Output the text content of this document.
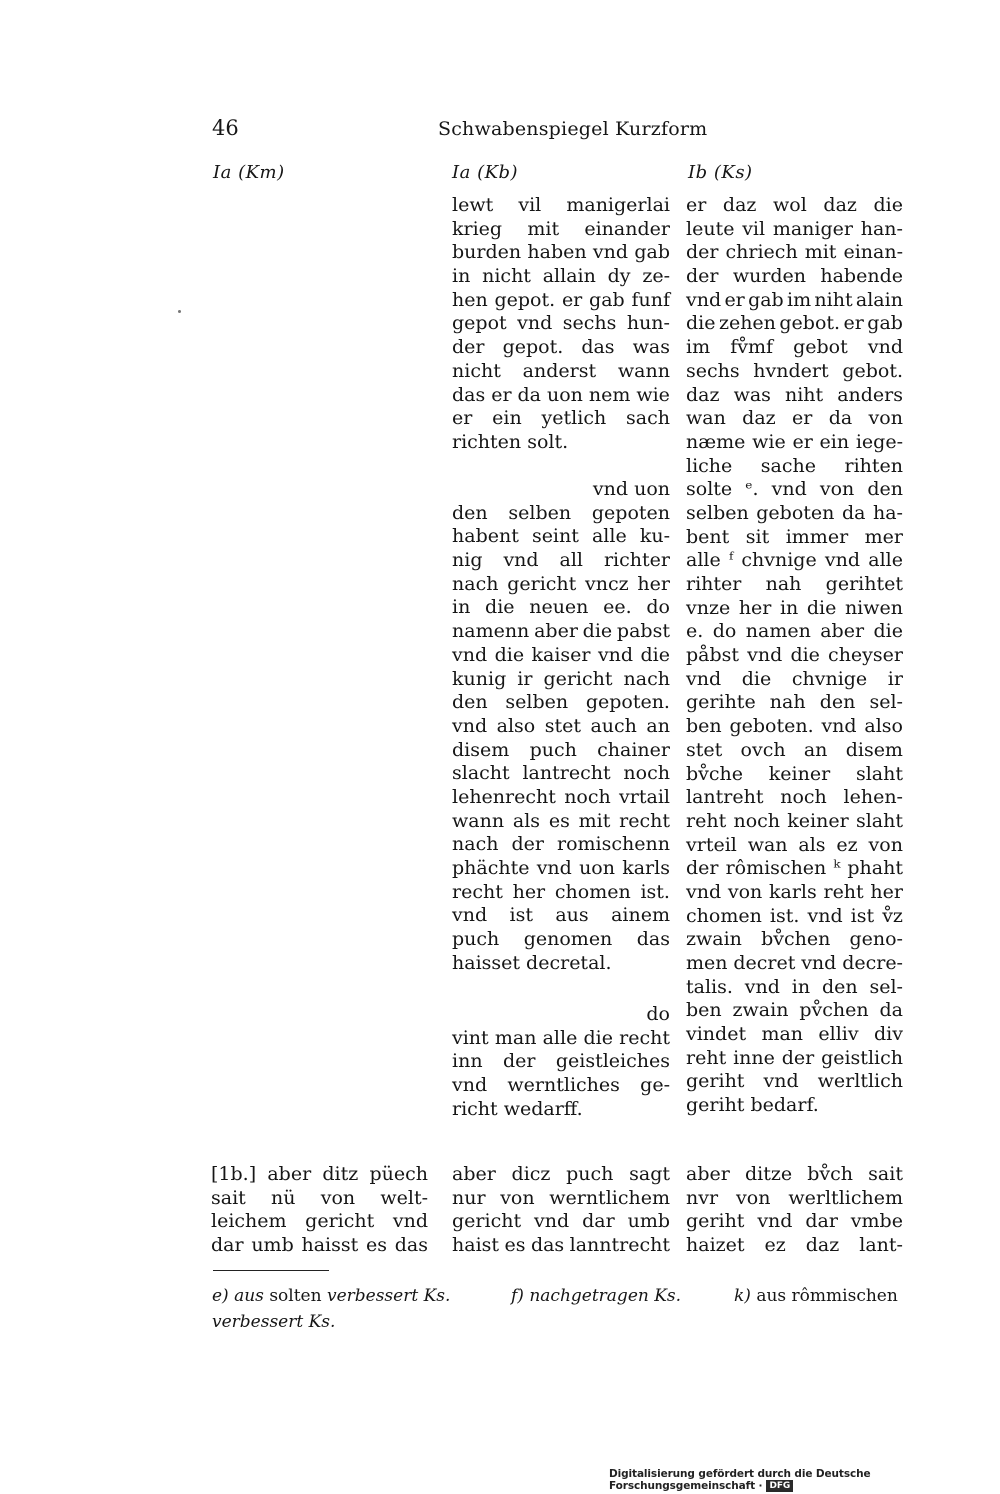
46	Schwabenspiegel Kurzform
Ia (Km)	Ia (Kb)	Ib (Ks)
lewt vil manigerlai
krieg mit einander
burden haben vnd gab
in nicht allain dy ze-
hen gepot. er gab funf
gepot vnd sechs hun-
der gepot. das was
nicht anderst wann
das er da uon nem wie
er ein yetlich sach
richten solt.
vnd uon
den selben gepoten
habent seint alle ku-
nig vnd all richter
nach gericht vncz her
in die neuen ee. do
namenn aber die pabst
vnd die kaiser vnd die
kunig ir gericht nach
den selben gepoten.
vnd also stet auch an
disem puch chainer
slacht lantrecht noch
lehenrecht noch vrtail
wann als es mit recht
nach der romischenn
phächte vnd uon karls
recht her chomen ist.
vnd ist aus ainem
puch genomen das
haisset decretal.
do
vint man alle die recht
inn der geistleiches
vnd werntliches ge-
richt wedarff.
er daz wol daz die
leute vil maniger han-
der chriech mit einan-
der wurden habende
vnd er gab im niht alain
die zehen gebot. er gab
im fv̊mf gebot vnd
sechs hvndert gebot.
daz was niht anders
wan daz er da von
næme wie er ein iege-
liche sache rihten
solte ᵉ. vnd von den
selben geboten da ha-
bent sit immer mer
alle ᶠ chvnige vnd alle
rihter nah gerihtet
vnze her in die niwen
e. do namen aber die
påbst vnd die cheyser
vnd die chvnige ir
gerihte nah den sel-
ben geboten. vnd also
stet ovch an disem
bv̊che keiner slaht
lantreht noch lehen-
reht noch keiner slaht
vrteil wan als ez von
der rômischen ᵏ phaht
vnd von karls reht her
chomen ist. vnd ist v̊z
zwain bv̊chen geno-
men decret vnd decre-
talis. vnd in den sel-
ben zwain pv̊chen da
vindet man elliv div
reht inne der geistlich
geriht vnd werltlich
geriht bedarf.
[1b.] aber ditz püech
sait nü von welt-
leichem gericht vnd
dar umb haisst es das
aber dicz puch sagt
nur von werntlichem
gericht vnd dar umb
haist es das lanntrecht
aber ditze bv̊ch sait
nvr von werltlichem
geriht vnd dar vmbe
haizet ez daz lant-
e) aus solten verbessert Ks.	f) nachgetragen Ks.	k) aus rômmischen
verbessert Ks.
Digitalisierung gefördert durch die Deutsche Forschungsgemeinschaft · DFG
